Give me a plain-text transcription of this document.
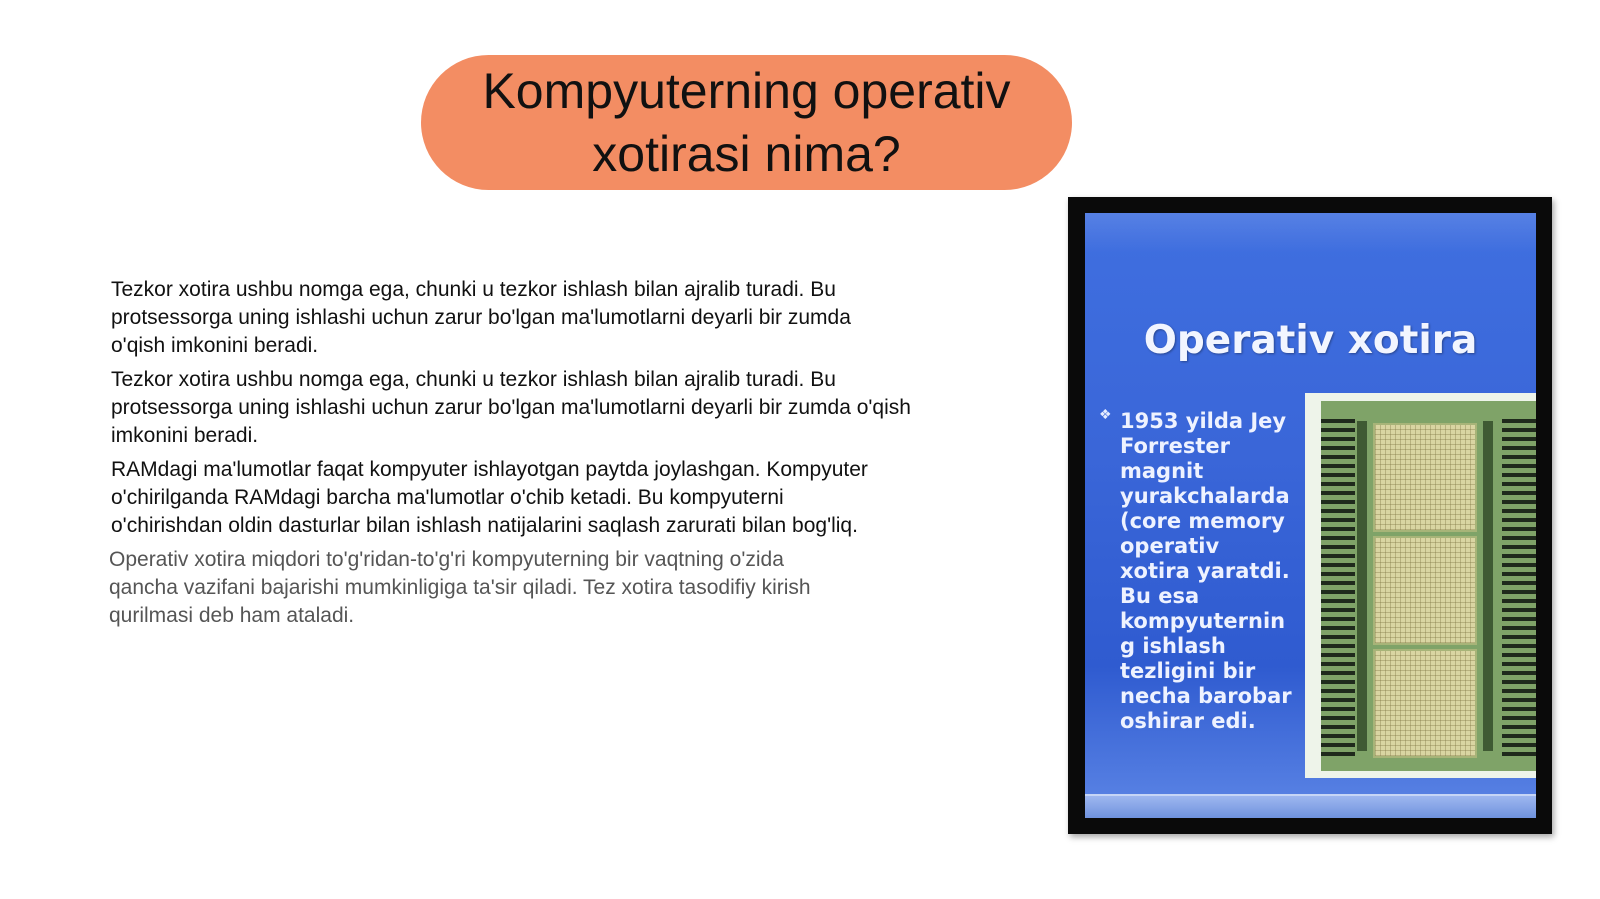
Kompyuterning operativ
xotirasi nima?

Tezkor xotira ushbu nomga ega, chunki u tezkor ishlash bilan ajralib turadi. Bu protsessorga uning ishlashi uchun zarur bo'lgan ma'lumotlarni deyarli bir zumda o'qish imkonini beradi.

Tezkor xotira ushbu nomga ega, chunki u tezkor ishlash bilan ajralib turadi. Bu protsessorga uning ishlashi uchun zarur bo'lgan ma'lumotlarni deyarli bir zumda o'qish imkonini beradi.

RAMdagi ma'lumotlar faqat kompyuter ishlayotgan paytda joylashgan. Kompyuter o'chirilganda RAMdagi barcha ma'lumotlar o'chib ketadi. Bu kompyuterni o'chirishdan oldin dasturlar bilan ishlash natijalarini saqlash zarurati bilan bog'liq.

Operativ xotira miqdori to'g'ridan-to'g'ri kompyuterning bir vaqtning o'zida qancha vazifani bajarishi mumkinligiga ta'sir qiladi. Tez xotira tasodifiy kirish qurilmasi deb ham ataladi.

Operativ xotira
❖ 1953 yilda Jey
Forrester
magnit
yurakchalarda
(core memory
operativ
xotira yaratdi.
Bu esa
kompyuternin
g ishlash
tezligini bir
necha barobar
oshirar edi.
